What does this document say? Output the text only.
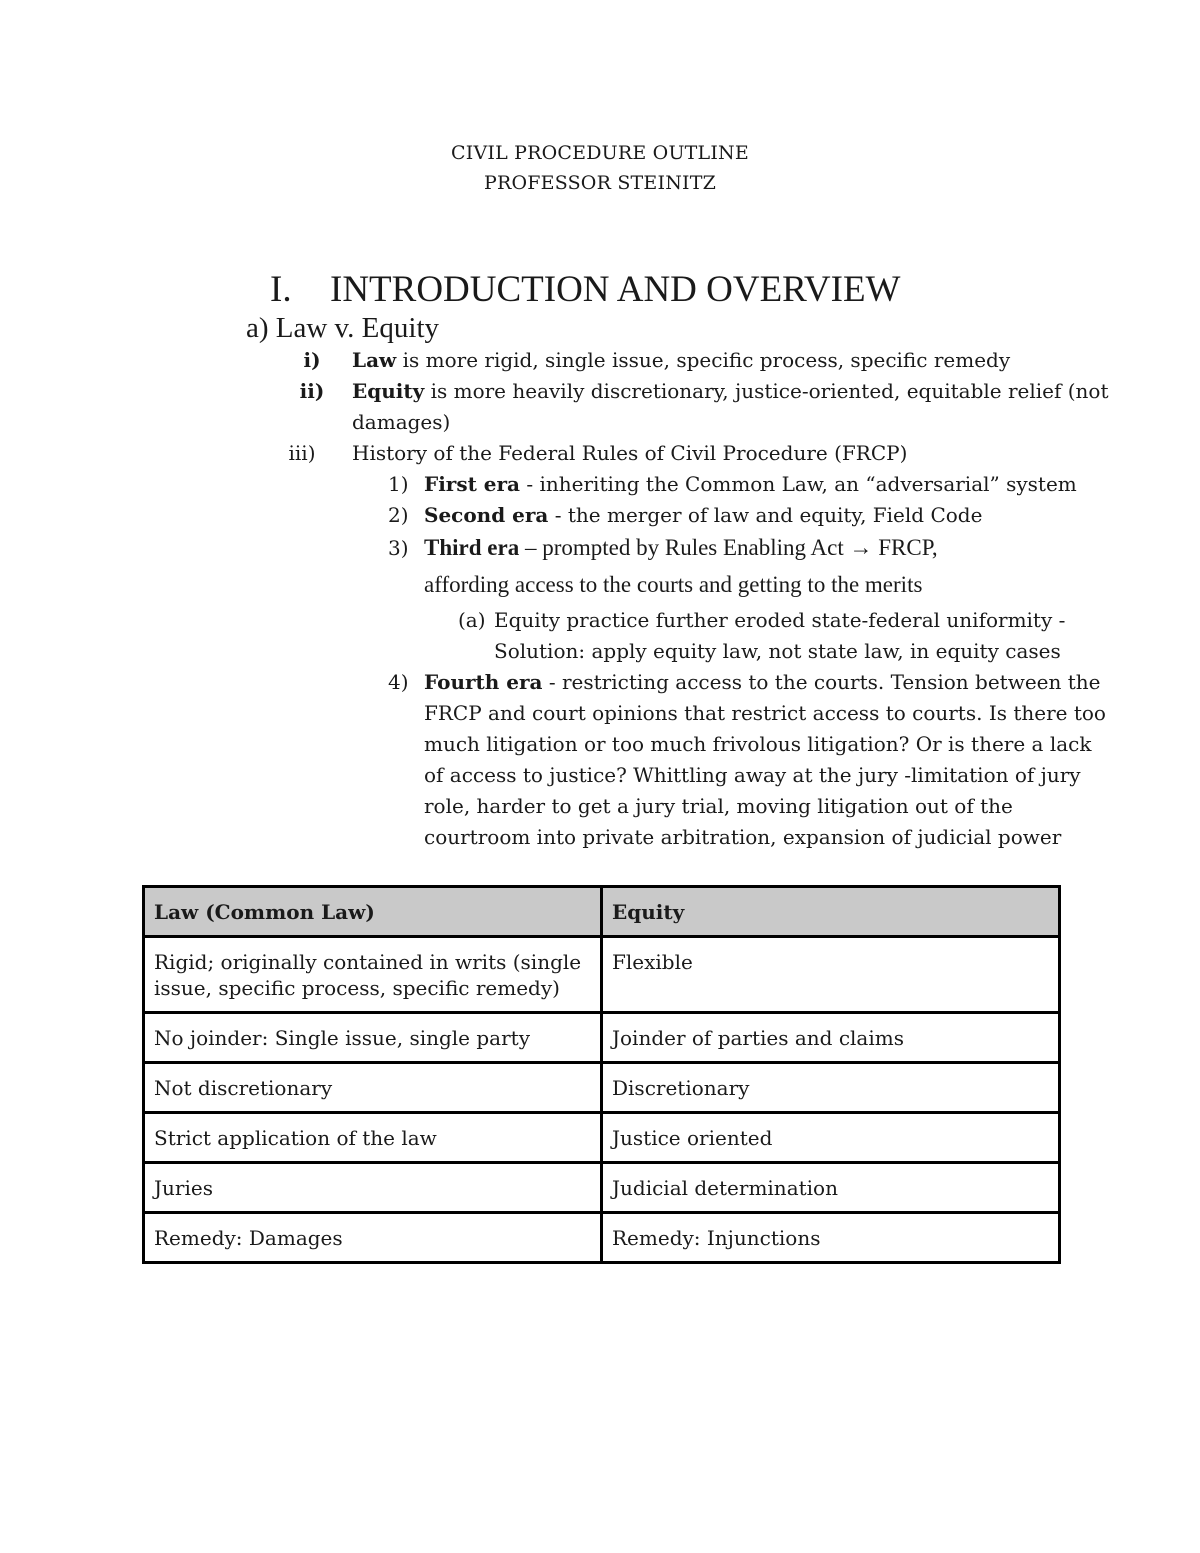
CIVIL PROCEDURE OUTLINE
PROFESSOR STEINITZ
I. INTRODUCTION AND OVERVIEW
a) Law v. Equity
i)	Law is more rigid, single issue, specific process, specific remedy
ii)	Equity is more heavily discretionary, justice-oriented, equitable relief (not
damages)
iii)	History of the Federal Rules of Civil Procedure (FRCP)
1) First era - inheriting the Common Law, an “adversarial” system
2) Second era - the merger of law and equity, Field Code
3) Third era – prompted by Rules Enabling Act → FRCP,
affording access to the courts and getting to the merits
(a) Equity practice further eroded state-federal uniformity -
Solution: apply equity law, not state law, in equity cases
4) Fourth era - restricting access to the courts. Tension between the
FRCP and court opinions that restrict access to courts. Is there too
much litigation or too much frivolous litigation? Or is there a lack
of access to justice? Whittling away at the jury -limitation of jury
role, harder to get a jury trial, moving litigation out of the
courtroom into private arbitration, expansion of judicial power
Law (Common Law)	Equity
Rigid; originally contained in writs (single issue, specific process, specific remedy)	Flexible
No joinder: Single issue, single party	Joinder of parties and claims
Not discretionary	Discretionary
Strict application of the law	Justice oriented
Juries	Judicial determination
Remedy: Damages	Remedy: Injunctions
